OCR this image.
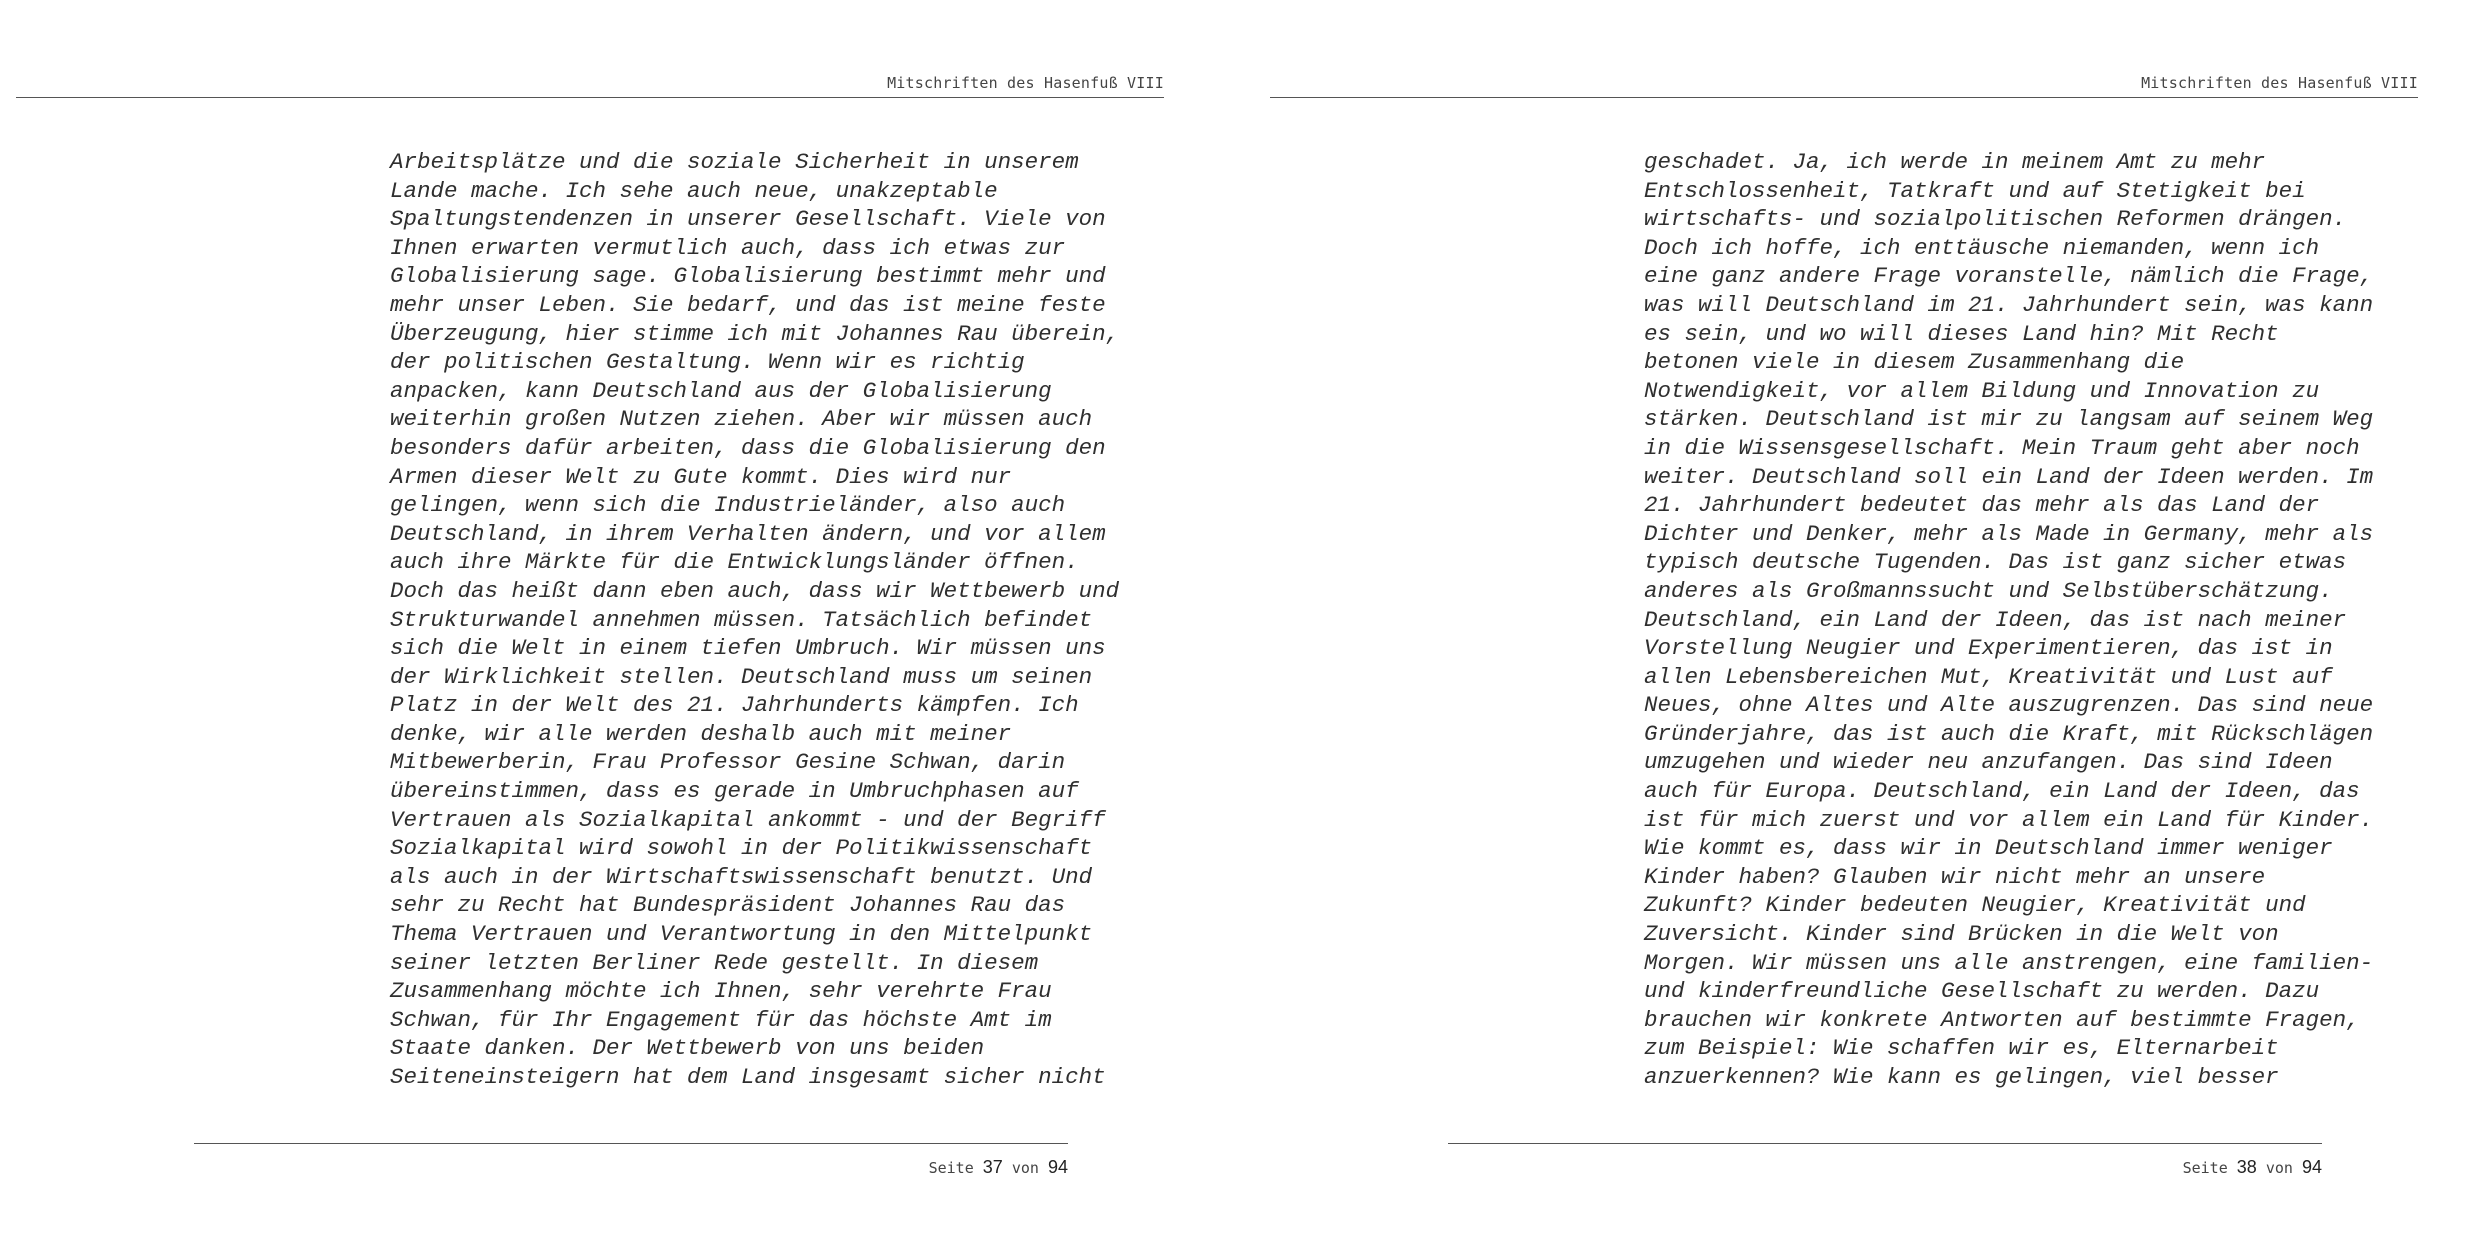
Mitschriften des Hasenfuß VIII
Arbeitsplätze und die soziale Sicherheit in unserem
Lande mache. Ich sehe auch neue, unakzeptable
Spaltungstendenzen in unserer Gesellschaft. Viele von
Ihnen erwarten vermutlich auch, dass ich etwas zur
Globalisierung sage. Globalisierung bestimmt mehr und
mehr unser Leben. Sie bedarf, und das ist meine feste
Überzeugung, hier stimme ich mit Johannes Rau überein,
der politischen Gestaltung. Wenn wir es richtig
anpacken, kann Deutschland aus der Globalisierung
weiterhin großen Nutzen ziehen. Aber wir müssen auch
besonders dafür arbeiten, dass die Globalisierung den
Armen dieser Welt zu Gute kommt. Dies wird nur
gelingen, wenn sich die Industrieländer, also auch
Deutschland, in ihrem Verhalten ändern, und vor allem
auch ihre Märkte für die Entwicklungsländer öffnen.
Doch das heißt dann eben auch, dass wir Wettbewerb und
Strukturwandel annehmen müssen. Tatsächlich befindet
sich die Welt in einem tiefen Umbruch. Wir müssen uns
der Wirklichkeit stellen. Deutschland muss um seinen
Platz in der Welt des 21. Jahrhunderts kämpfen. Ich
denke, wir alle werden deshalb auch mit meiner
Mitbewerberin, Frau Professor Gesine Schwan, darin
übereinstimmen, dass es gerade in Umbruchphasen auf
Vertrauen als Sozialkapital ankommt - und der Begriff
Sozialkapital wird sowohl in der Politikwissenschaft
als auch in der Wirtschaftswissenschaft benutzt. Und
sehr zu Recht hat Bundespräsident Johannes Rau das
Thema Vertrauen und Verantwortung in den Mittelpunkt
seiner letzten Berliner Rede gestellt. In diesem
Zusammenhang möchte ich Ihnen, sehr verehrte Frau
Schwan, für Ihr Engagement für das höchste Amt im
Staate danken. Der Wettbewerb von uns beiden
Seiteneinsteigern hat dem Land insgesamt sicher nicht
Seite 37 von 94
Mitschriften des Hasenfuß VIII
geschadet. Ja, ich werde in meinem Amt zu mehr
Entschlossenheit, Tatkraft und auf Stetigkeit bei
wirtschafts- und sozialpolitischen Reformen drängen.
Doch ich hoffe, ich enttäusche niemanden, wenn ich
eine ganz andere Frage voranstelle, nämlich die Frage,
was will Deutschland im 21. Jahrhundert sein, was kann
es sein, und wo will dieses Land hin? Mit Recht
betonen viele in diesem Zusammenhang die
Notwendigkeit, vor allem Bildung und Innovation zu
stärken. Deutschland ist mir zu langsam auf seinem Weg
in die Wissensgesellschaft. Mein Traum geht aber noch
weiter. Deutschland soll ein Land der Ideen werden. Im
21. Jahrhundert bedeutet das mehr als das Land der
Dichter und Denker, mehr als Made in Germany, mehr als
typisch deutsche Tugenden. Das ist ganz sicher etwas
anderes als Großmannssucht und Selbstüberschätzung.
Deutschland, ein Land der Ideen, das ist nach meiner
Vorstellung Neugier und Experimentieren, das ist in
allen Lebensbereichen Mut, Kreativität und Lust auf
Neues, ohne Altes und Alte auszugrenzen. Das sind neue
Gründerjahre, das ist auch die Kraft, mit Rückschlägen
umzugehen und wieder neu anzufangen. Das sind Ideen
auch für Europa. Deutschland, ein Land der Ideen, das
ist für mich zuerst und vor allem ein Land für Kinder.
Wie kommt es, dass wir in Deutschland immer weniger
Kinder haben? Glauben wir nicht mehr an unsere
Zukunft? Kinder bedeuten Neugier, Kreativität und
Zuversicht. Kinder sind Brücken in die Welt von
Morgen. Wir müssen uns alle anstrengen, eine familien-
und kinderfreundliche Gesellschaft zu werden. Dazu
brauchen wir konkrete Antworten auf bestimmte Fragen,
zum Beispiel: Wie schaffen wir es, Elternarbeit
anzuerkennen? Wie kann es gelingen, viel besser
Seite 38 von 94
